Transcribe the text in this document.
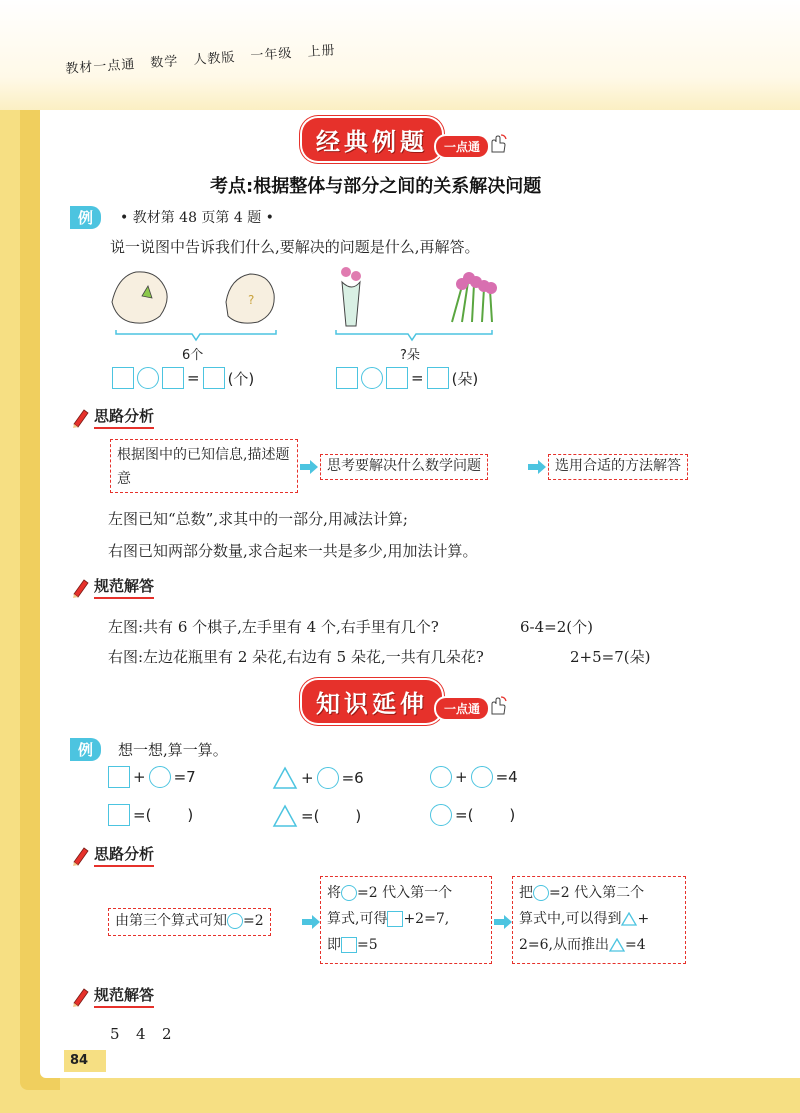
教材一点通 数学 人教版 一年级 上册
经典例题	一点通
考点:根据整体与部分之间的关系解决问题
例	• 教材第 48 页第 4 题 •
说一说图中告诉我们什么,要解决的问题是什么,再解答。
?
6个	?朵
= (个)	= (朵)
思路分析
根据图中的已知信息,描述题意
思考要解决什么数学问题	选用合适的方法解答
左图已知“总数”,求其中的一部分,用减法计算;
右图已知两部分数量,求合起来一共是多少,用加法计算。
规范解答
左图:共有 6 个棋子,左手里有 4 个,右手里有几个?	6-4=2(个)
右图:左边花瓶里有 2 朵花,右边有 5 朵花,一共有几朵花?	2+5=7(朵)
知识延伸	一点通
例	想一想,算一算。
+ =7	+ =6	+ =4
=( )	=( )	=( )
思路分析
由第三个算式可知 =2
将 =2 代入第一个
算式,可得 +2=7,
即 =5
把 =2 代入第二个
算式中,可以得到 +
2=6,从而推出 =4
规范解答
5 4 2
84
